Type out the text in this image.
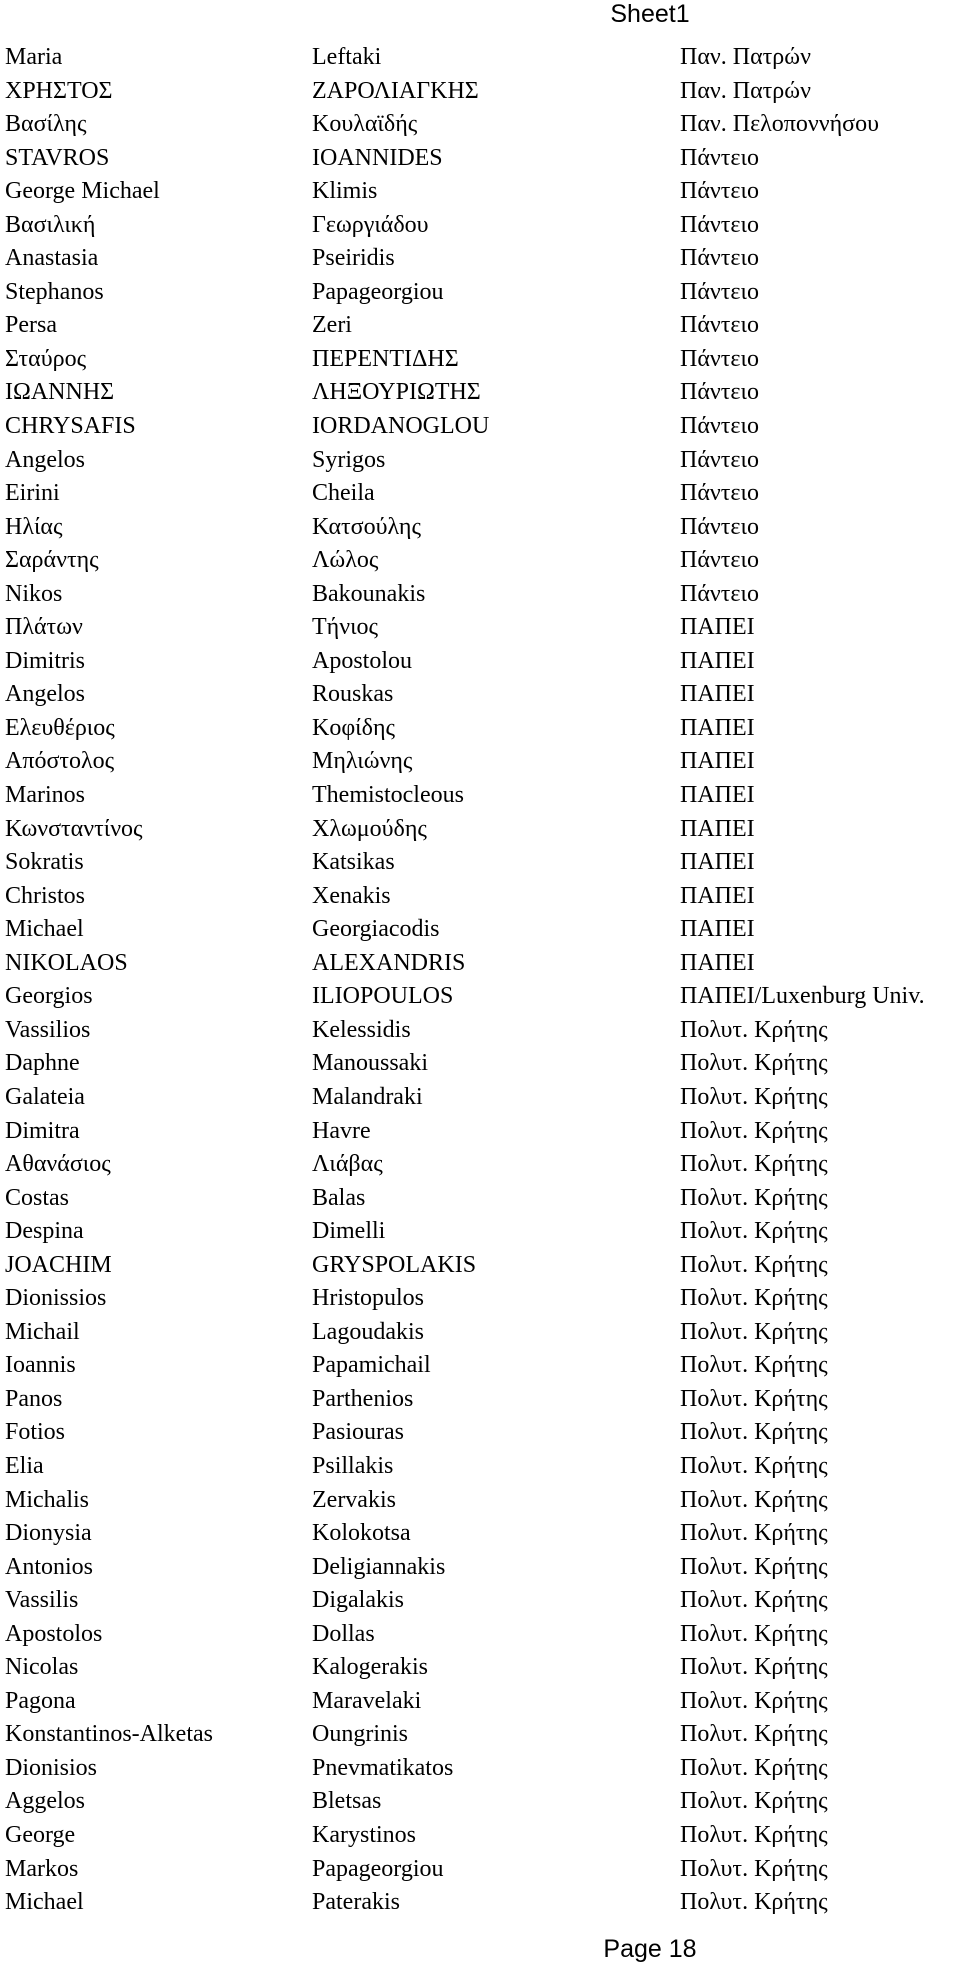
Sheet1
Maria	Leftaki	Παν. Πατρών
ΧΡΗΣΤΟΣ	ΖΑΡΟΛΙΑΓΚΗΣ	Παν. Πατρών
Βασίλης	Κουλαϊδής	Παν. Πελοποννήσου
STAVROS	IOANNIDES	Πάντειο
George Michael	Klimis	Πάντειο
Βασιλική	Γεωργιάδου	Πάντειο
Anastasia	Pseiridis	Πάντειο
Stephanos	Papageorgiou	Πάντειο
Persa	Zeri	Πάντειο
Σταύρος	ΠΕΡΕΝΤΙΔΗΣ	Πάντειο
ΙΩΑΝΝΗΣ	ΛΗΞΟΥΡΙΩΤΗΣ	Πάντειο
CHRYSAFIS	IORDANOGLOU	Πάντειο
Angelos	Syrigos	Πάντειο
Eirini	Cheila	Πάντειο
Ηλίας	Κατσούλης	Πάντειο
Σαράντης	Λώλος	Πάντειο
Nikos	Bakounakis	Πάντειο
Πλάτων	Τήνιος	ΠΑΠΕΙ
Dimitris	Apostolou	ΠΑΠΕΙ
Angelos	Rouskas	ΠΑΠΕΙ
Ελευθέριος	Κοφίδης	ΠΑΠΕΙ
Απόστολος	Μηλιώνης	ΠΑΠΕΙ
Marinos	Themistocleous	ΠΑΠΕΙ
Κωνσταντίνος	Χλωμούδης	ΠΑΠΕΙ
Sokratis	Katsikas	ΠΑΠΕΙ
Christos	Xenakis	ΠΑΠΕΙ
Michael	Georgiacodis	ΠΑΠΕΙ
NIKOLAOS	ALEXANDRIS	ΠΑΠΕΙ
Georgios	ILIOPOULOS	ΠΑΠΕΙ/Luxenburg Univ.
Vassilios	Kelessidis	Πολυτ. Κρήτης
Daphne	Manoussaki	Πολυτ. Κρήτης
Galateia	Malandraki	Πολυτ. Κρήτης
Dimitra	Havre	Πολυτ. Κρήτης
Αθανάσιος	Λιάβας	Πολυτ. Κρήτης
Costas	Balas	Πολυτ. Κρήτης
Despina	Dimelli	Πολυτ. Κρήτης
JOACHIM	GRYSPOLAKIS	Πολυτ. Κρήτης
Dionissios	Hristopulos	Πολυτ. Κρήτης
Michail	Lagoudakis	Πολυτ. Κρήτης
Ioannis	Papamichail	Πολυτ. Κρήτης
Panos	Parthenios	Πολυτ. Κρήτης
Fotios	Pasiouras	Πολυτ. Κρήτης
Elia	Psillakis	Πολυτ. Κρήτης
Michalis	Zervakis	Πολυτ. Κρήτης
Dionysia	Kolokotsa	Πολυτ. Κρήτης
Antonios	Deligiannakis	Πολυτ. Κρήτης
Vassilis	Digalakis	Πολυτ. Κρήτης
Apostolos	Dollas	Πολυτ. Κρήτης
Nicolas	Kalogerakis	Πολυτ. Κρήτης
Pagona	Maravelaki	Πολυτ. Κρήτης
Konstantinos-Alketas	Oungrinis	Πολυτ. Κρήτης
Dionisios	Pnevmatikatos	Πολυτ. Κρήτης
Aggelos	Bletsas	Πολυτ. Κρήτης
George	Karystinos	Πολυτ. Κρήτης
Markos	Papageorgiou	Πολυτ. Κρήτης
Michael	Paterakis	Πολυτ. Κρήτης
Page 18
